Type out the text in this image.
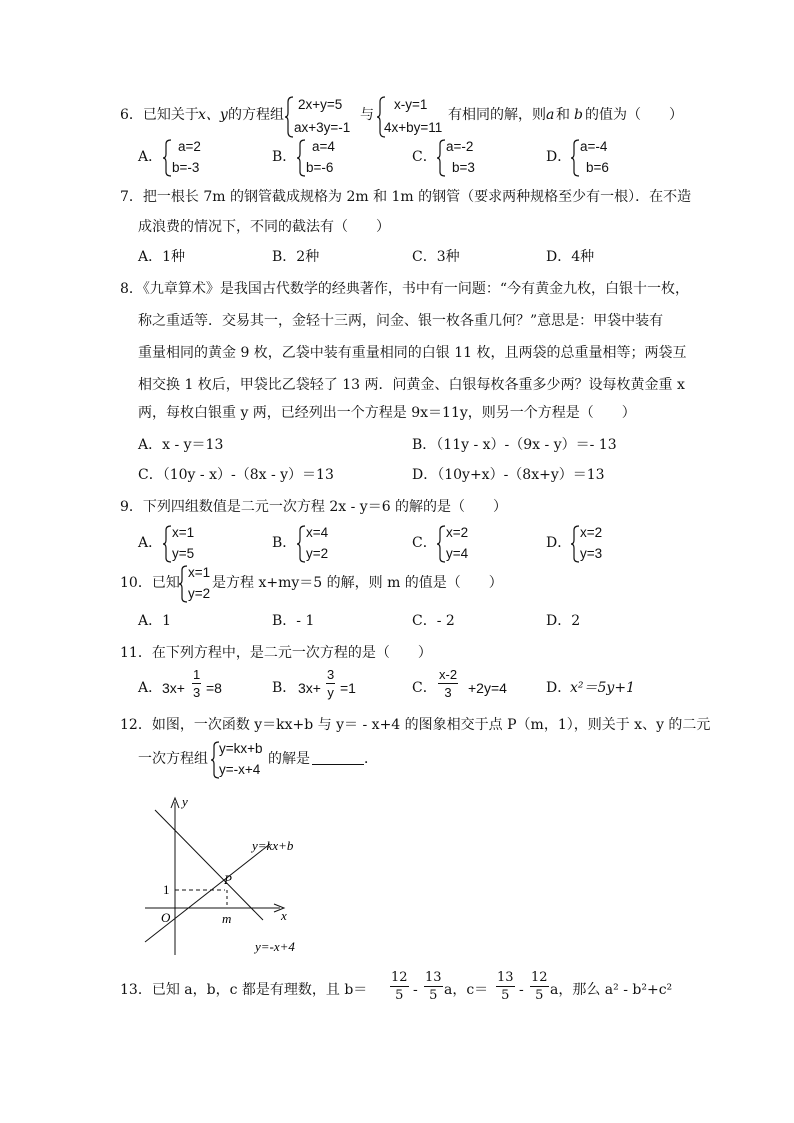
6．已知关于 x、y 的方程组
2x+y=5
ax+3y=-1
与
x-y=1
4x+by=11
有相同的解，则 a 和 b 的值为（　　）
A．
a=2
b=-3
B．
a=4
b=-6
C．
a=-2
b=3
D．
a=-4
b=6
7．把一根长 7m 的钢管截成规格为 2m 和 1m 的钢管（要求两种规格至少有一根）．在不造
成浪费的情况下，不同的截法有（　　）
A．1种	B．2种	C．3种	D．4种
8．《九章算术》是我国古代数学的经典著作，书中有一问题：“今有黄金九枚，白银十一枚，
称之重适等．交易其一，金轻十三两，问金、银一枚各重几何？”意思是：甲袋中装有
重量相同的黄金 9 枚，乙袋中装有重量相同的白银 11 枚，且两袋的总重量相等；两袋互
相交换 1 枚后，甲袋比乙袋轻了 13 两．问黄金、白银每枚各重多少两？设每枚黄金重 x
两，每枚白银重 y 两，已经列出一个方程是 9x＝11y，则另一个方程是（　　）
A．x - y＝13	B．（11y - x）-（9x - y）＝- 13
C．（10y - x）-（8x - y）＝13	D．（10y+x）-（8x+y）＝13
9．下列四组数值是二元一次方程 2x - y＝6 的解的是（　　）
A．
x=1
y=5
B．
x=4
y=2
C．
x=2
y=4
D．
x=2
y=3
10．已知
x=1
y=2
是方程 x+my＝5 的解，则 m 的值是（　　）
A．1	B．- 1	C．- 2	D．2
11．在下列方程中，是二元一次方程的是（　　）
A． 3x+
1
3 =8	B． 3x+
3
y =1	C．
x-2
3	+2y=4	D．
x²＝5y+1
12．如图，一次函数 y＝kx+b 与 y＝ - x+4 的图象相交于点 P（m，1），则关于 x、y 的二元
一次方程组
y=kx+b
y=-x+4
的解是	．
y
x
O
P
1
m
y=kx+b
y=-x+4
13．已知 a，b，c 都是有理数，且 b＝
12
5 -
13
5 a，c＝
13
5 -
12
5 a，那么 a² - b²+c²
